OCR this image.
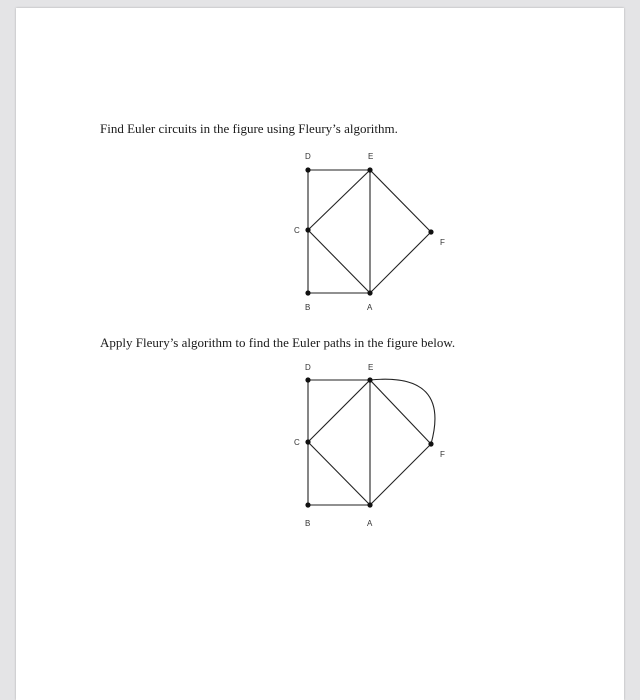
Find Euler circuits in the figure using Fleury’s algorithm.
D	E
C
F
B	A
Apply Fleury’s algorithm to find the Euler paths in the figure below.
D	E
C
F
B	A
